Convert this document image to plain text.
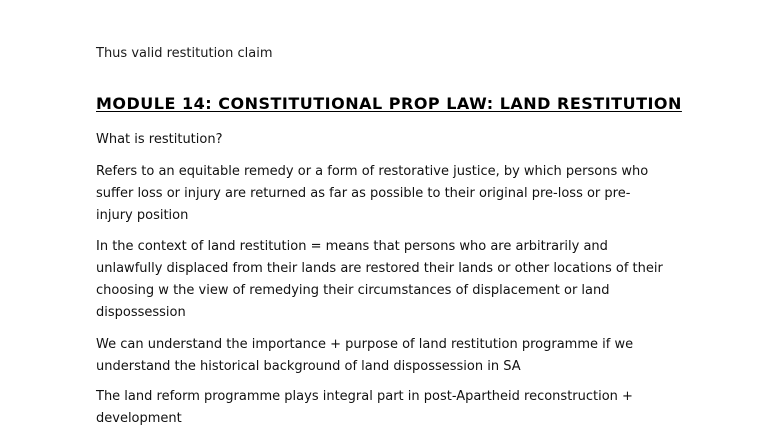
Thus valid restitution claim

MODULE 14: CONSTITUTIONAL PROP LAW: LAND RESTITUTION

What is restitution?

Refers to an equitable remedy or a form of restorative justice, by which persons who suffer loss or injury are returned as far as possible to their original pre-loss or pre-injury position

In the context of land restitution = means that persons who are arbitrarily and unlawfully displaced from their lands are restored their lands or other locations of their choosing w the view of remedying their circumstances of displacement or land dispossession

We can understand the importance + purpose of land restitution programme if we understand the historical background of land dispossession in SA

The land reform programme plays integral part in post-Apartheid reconstruction + development
